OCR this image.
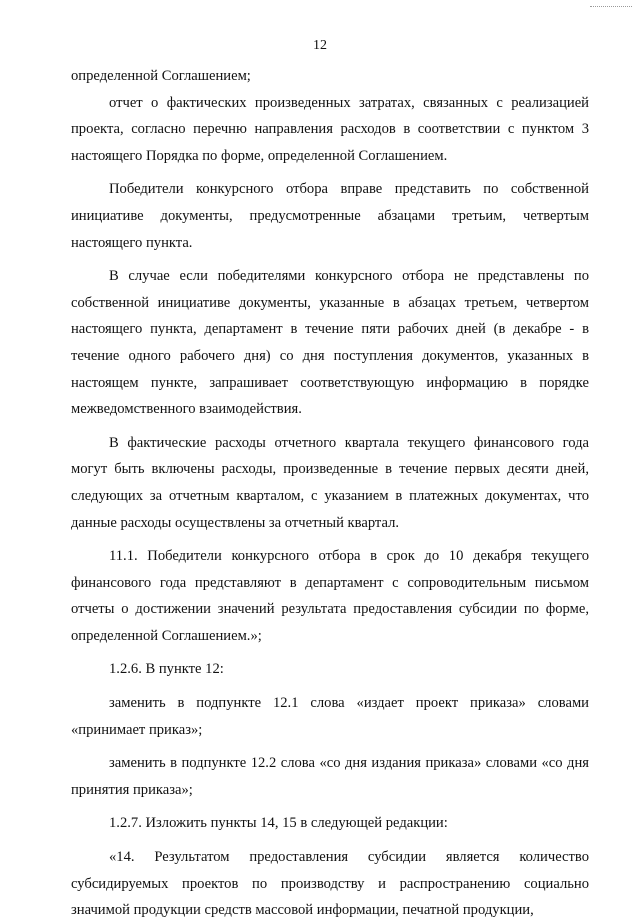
12

определенной Соглашением;

отчет о фактических произведенных затратах, связанных с реализацией проекта, согласно перечню направления расходов в соответствии с пунктом 3 настоящего Порядка по форме, определенной Соглашением.

Победители конкурсного отбора вправе представить по собственной инициативе документы, предусмотренные абзацами третьим, четвертым настоящего пункта.

В случае если победителями конкурсного отбора не представлены по собственной инициативе документы, указанные в абзацах третьем, четвертом настоящего пункта, департамент в течение пяти рабочих дней (в декабре - в течение одного рабочего дня) со дня поступления документов, указанных в настоящем пункте, запрашивает соответствующую информацию в порядке межведомственного взаимодействия.

В фактические расходы отчетного квартала текущего финансового года могут быть включены расходы, произведенные в течение первых десяти дней, следующих за отчетным кварталом, с указанием в платежных документах, что данные расходы осуществлены за отчетный квартал.

11.1. Победители конкурсного отбора в срок до 10 декабря текущего финансового года представляют в департамент с сопроводительным письмом отчеты о достижении значений результата предоставления субсидии по форме, определенной Соглашением.»;

1.2.6. В пункте 12:

заменить в подпункте 12.1 слова «издает проект приказа» словами «принимает приказ»;

заменить в подпункте 12.2 слова «со дня издания приказа» словами «со дня принятия приказа»;

1.2.7. Изложить пункты 14, 15 в следующей редакции:

«14. Результатом предоставления субсидии является количество субсидируемых проектов по производству и распространению социально значимой продукции средств массовой информации, печатной продукции,
